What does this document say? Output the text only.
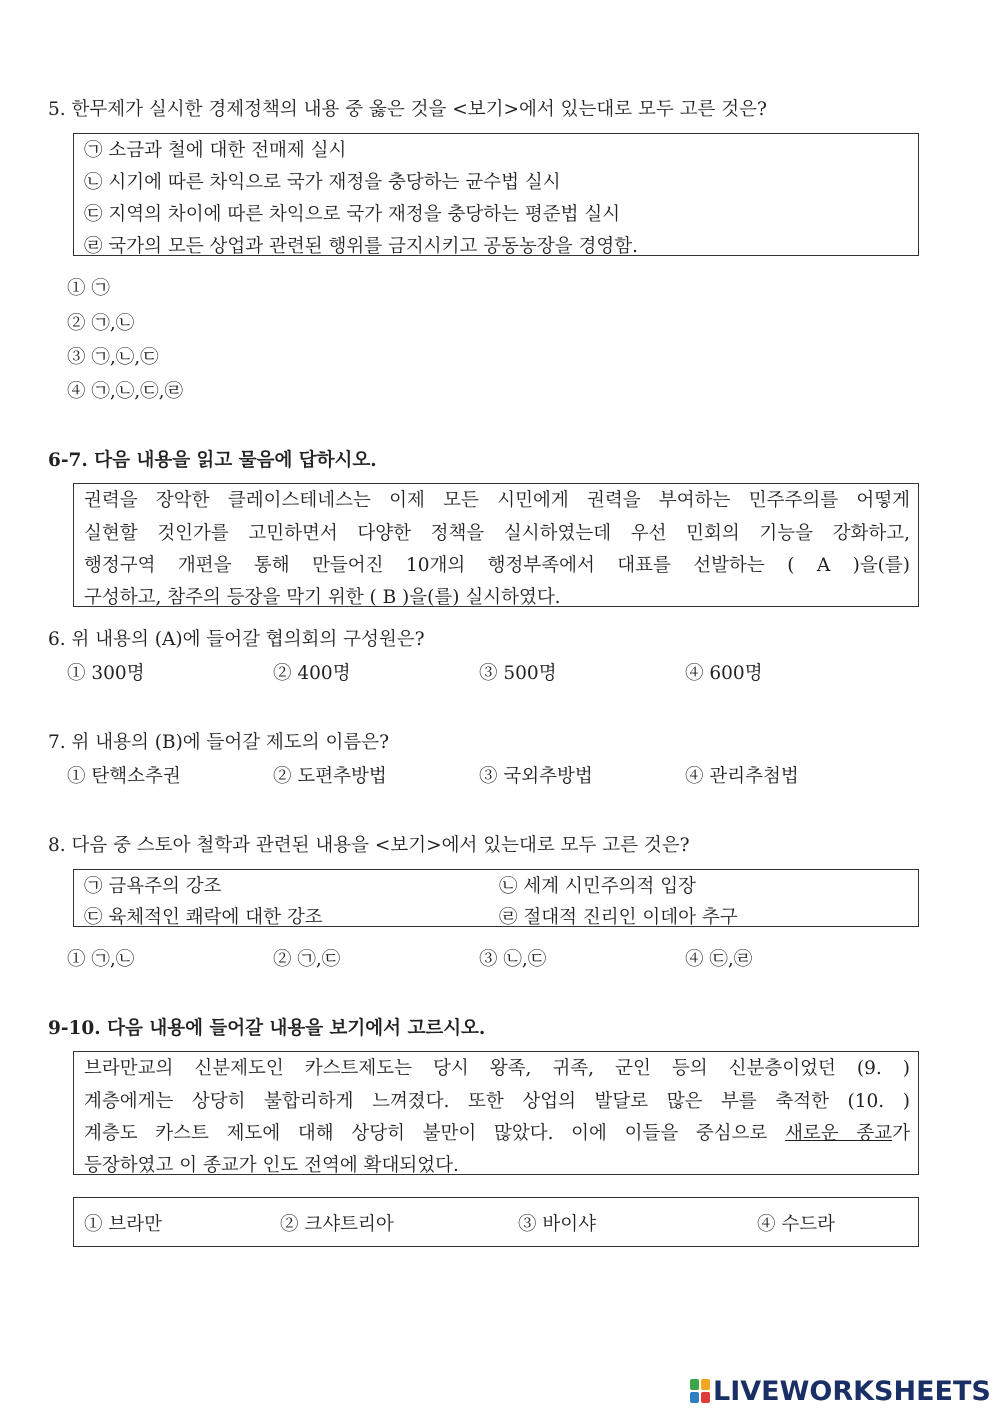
5. 한무제가 실시한 경제정책의 내용 중 옳은 것을 <보기>에서 있는대로 모두 고른 것은?
㉠ 소금과 철에 대한 전매제 실시
㉡ 시기에 따른 차익으로 국가 재정을 충당하는 균수법 실시
㉢ 지역의 차이에 따른 차익으로 국가 재정을 충당하는 평준법 실시
㉣ 국가의 모든 상업과 관련된 행위를 금지시키고 공동농장을 경영함.
① ㉠
② ㉠,㉡
③ ㉠,㉡,㉢
④ ㉠,㉡,㉢,㉣
6-7. 다음 내용을 읽고 물음에 답하시오.
권력을 장악한 클레이스테네스는 이제 모든 시민에게 권력을 부여하는 민주주의를 어떻게
실현할 것인가를 고민하면서 다양한 정책을 실시하였는데 우선 민회의 기능을 강화하고,
행정구역 개편을 통해 만들어진 10개의 행정부족에서 대표를 선발하는 ( A )을(를)
구성하고, 참주의 등장을 막기 위한 ( B )을(를) 실시하였다.
6. 위 내용의 (A)에 들어갈 협의회의 구성원은?
① 300명	② 400명	③ 500명	④ 600명
7. 위 내용의 (B)에 들어갈 제도의 이름은?
① 탄핵소추권	② 도편추방법	③ 국외추방법	④ 관리추첨법
8. 다음 중 스토아 철학과 관련된 내용을 <보기>에서 있는대로 모두 고른 것은?
㉠ 금욕주의 강조	㉡ 세계 시민주의적 입장
㉢ 육체적인 쾌락에 대한 강조	㉣ 절대적 진리인 이데아 추구
① ㉠,㉡	② ㉠,㉢	③ ㉡,㉢	④ ㉢,㉣
9-10. 다음 내용에 들어갈 내용을 보기에서 고르시오.
브라만교의 신분제도인 카스트제도는 당시 왕족, 귀족, 군인 등의 신분층이었던 (9. )
계층에게는 상당히 불합리하게 느껴졌다. 또한 상업의 발달로 많은 부를 축적한 (10. )
계층도 카스트 제도에 대해 상당히 불만이 많았다. 이에 이들을 중심으로 새로운 종교가
등장하였고 이 종교가 인도 전역에 확대되었다.
① 브라만	② 크샤트리아	③ 바이샤	④ 수드라
LIVEWORKSHEETS
